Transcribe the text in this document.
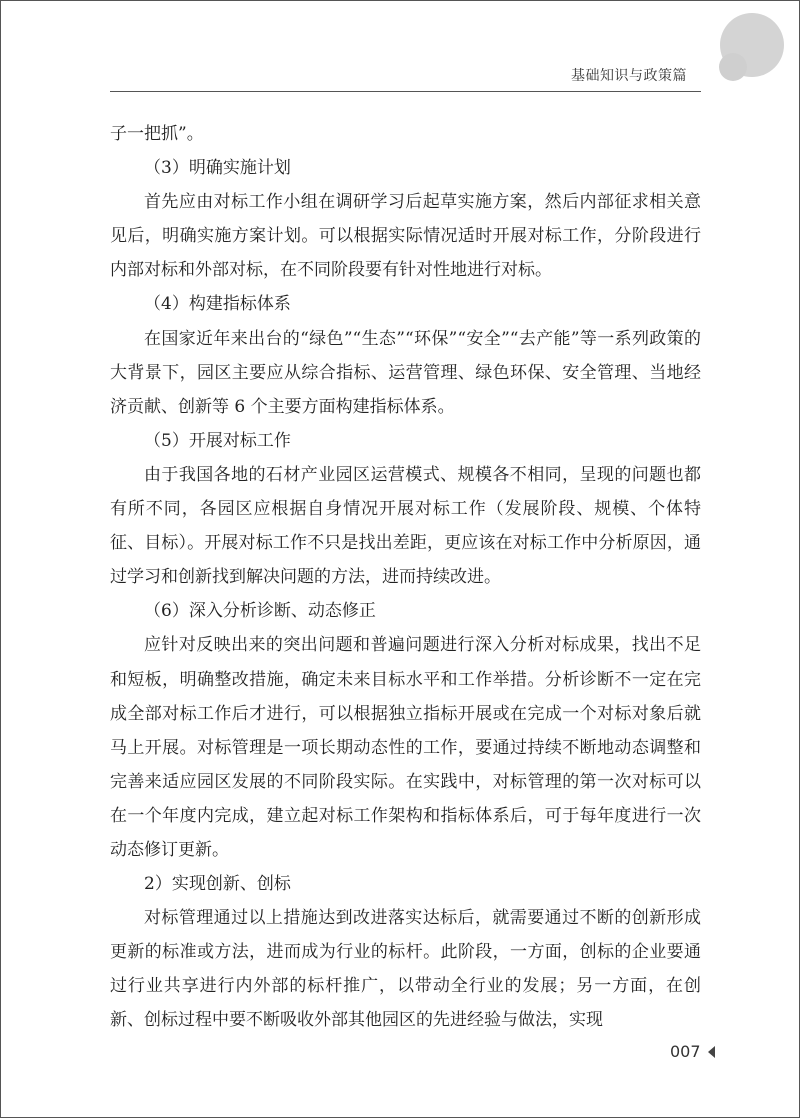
基础知识与政策篇

子一把抓”。

（3）明确实施计划

首先应由对标工作小组在调研学习后起草实施方案，然后内部征求相关意见后，明确实施方案计划。可以根据实际情况适时开展对标工作，分阶段进行内部对标和外部对标，在不同阶段要有针对性地进行对标。

（4）构建指标体系

在国家近年来出台的“绿色”“生态”“环保”“安全”“去产能”等一系列政策的大背景下，园区主要应从综合指标、运营管理、绿色环保、安全管理、当地经济贡献、创新等 6 个主要方面构建指标体系。

（5）开展对标工作

由于我国各地的石材产业园区运营模式、规模各不相同，呈现的问题也都有所不同，各园区应根据自身情况开展对标工作（发展阶段、规模、个体特征、目标）。开展对标工作不只是找出差距，更应该在对标工作中分析原因，通过学习和创新找到解决问题的方法，进而持续改进。

（6）深入分析诊断、动态修正

应针对反映出来的突出问题和普遍问题进行深入分析对标成果，找出不足和短板，明确整改措施，确定未来目标水平和工作举措。分析诊断不一定在完成全部对标工作后才进行，可以根据独立指标开展或在完成一个对标对象后就马上开展。对标管理是一项长期动态性的工作，要通过持续不断地动态调整和完善来适应园区发展的不同阶段实际。在实践中，对标管理的第一次对标可以在一个年度内完成，建立起对标工作架构和指标体系后，可于每年度进行一次动态修订更新。

2）实现创新、创标

对标管理通过以上措施达到改进落实达标后，就需要通过不断的创新形成更新的标准或方法，进而成为行业的标杆。此阶段，一方面，创标的企业要通过行业共享进行内外部的标杆推广，以带动全行业的发展；另一方面，在创新、创标过程中要不断吸收外部其他园区的先进经验与做法，实现

007
